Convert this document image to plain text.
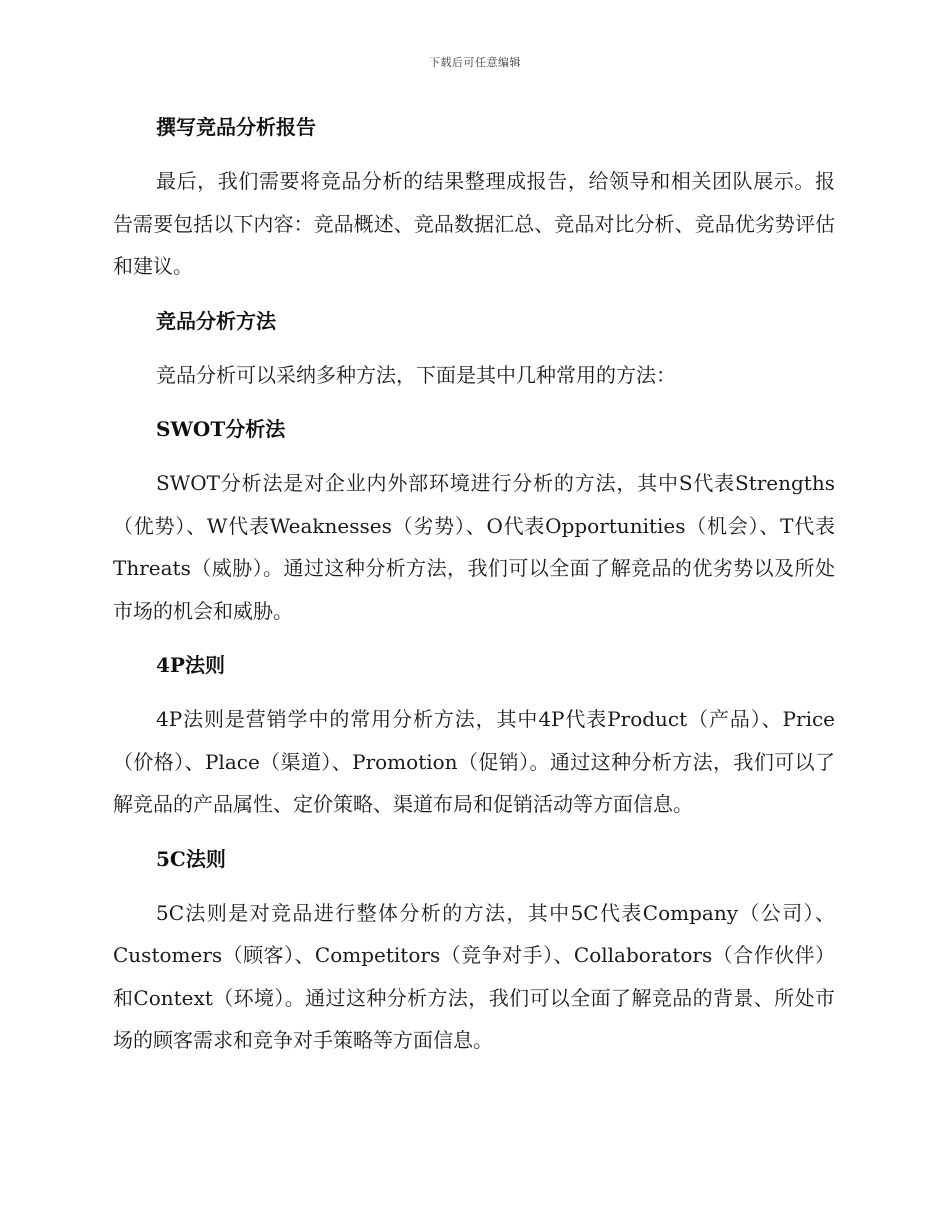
下载后可任意编辑
撰写竞品分析报告

最后，我们需要将竞品分析的结果整理成报告，给领导和相关团队展示。报告需要包括以下内容：竞品概述、竞品数据汇总、竞品对比分析、竞品优劣势评估和建议。

竞品分析方法

竞品分析可以采纳多种方法，下面是其中几种常用的方法：

SWOT分析法

SWOT分析法是对企业内外部环境进行分析的方法，其中S代表Strengths（优势）、W代表Weaknesses（劣势）、O代表Opportunities（机会）、T代表Threats（威胁）。通过这种分析方法，我们可以全面了解竞品的优劣势以及所处市场的机会和威胁。

4P法则

4P法则是营销学中的常用分析方法，其中4P代表Product（产品）、Price（价格）、Place（渠道）、Promotion（促销）。通过这种分析方法，我们可以了解竞品的产品属性、定价策略、渠道布局和促销活动等方面信息。

5C法则

5C法则是对竞品进行整体分析的方法，其中5C代表Company（公司）、Customers（顾客）、Competitors（竞争对手）、Collaborators（合作伙伴）和Context（环境）。通过这种分析方法，我们可以全面了解竞品的背景、所处市场的顾客需求和竞争对手策略等方面信息。
